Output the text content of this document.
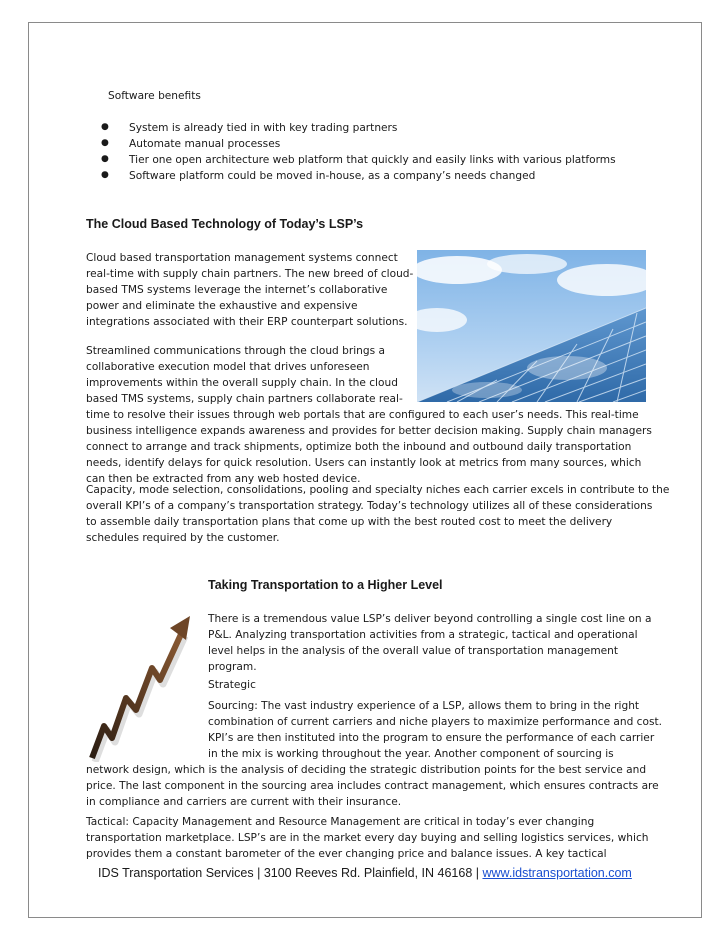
Software benefits
● System is already tied in with key trading partners
● Automate manual processes
● Tier one open architecture web platform that quickly and easily links with various platforms
● Software platform could be moved in-house, as a company’s needs changed
The Cloud Based Technology of Today’s LSP’s
Cloud based transportation management systems connect
real-time with supply chain partners. The new breed of cloud-
based TMS systems leverage the internet’s collaborative
power and eliminate the exhaustive and expensive
integrations associated with their ERP counterpart solutions.
Streamlined communications through the cloud brings a
collaborative execution model that drives unforeseen
improvements within the overall supply chain. In the cloud
based TMS systems, supply chain partners collaborate real-
time to resolve their issues through web portals that are configured to each user’s needs. This real-time
business intelligence expands awareness and provides for better decision making. Supply chain managers
connect to arrange and track shipments, optimize both the inbound and outbound daily transportation
needs, identify delays for quick resolution. Users can instantly look at metrics from many sources, which
can then be extracted from any web hosted device.
Capacity, mode selection, consolidations, pooling and specialty niches each carrier excels in contribute to the
overall KPI’s of a company’s transportation strategy. Today’s technology utilizes all of these considerations
to assemble daily transportation plans that come up with the best routed cost to meet the delivery
schedules required by the customer.
Taking Transportation to a Higher Level
There is a tremendous value LSP’s deliver beyond controlling a single cost line on a
P&L. Analyzing transportation activities from a strategic, tactical and operational
level helps in the analysis of the overall value of transportation management
program.
Strategic
Sourcing: The vast industry experience of a LSP, allows them to bring in the right
combination of current carriers and niche players to maximize performance and cost.
KPI’s are then instituted into the program to ensure the performance of each carrier
in the mix is working throughout the year. Another component of sourcing is
network design, which is the analysis of deciding the strategic distribution points for the best service and
price. The last component in the sourcing area includes contract management, which ensures contracts are
in compliance and carriers are current with their insurance.
Tactical: Capacity Management and Resource Management are critical in today’s ever changing
transportation marketplace. LSP’s are in the market every day buying and selling logistics services, which
provides them a constant barometer of the ever changing price and balance issues. A key tactical
IDS Transportation Services | 3100 Reeves Rd. Plainfield, IN 46168 | www.idstransportation.com
